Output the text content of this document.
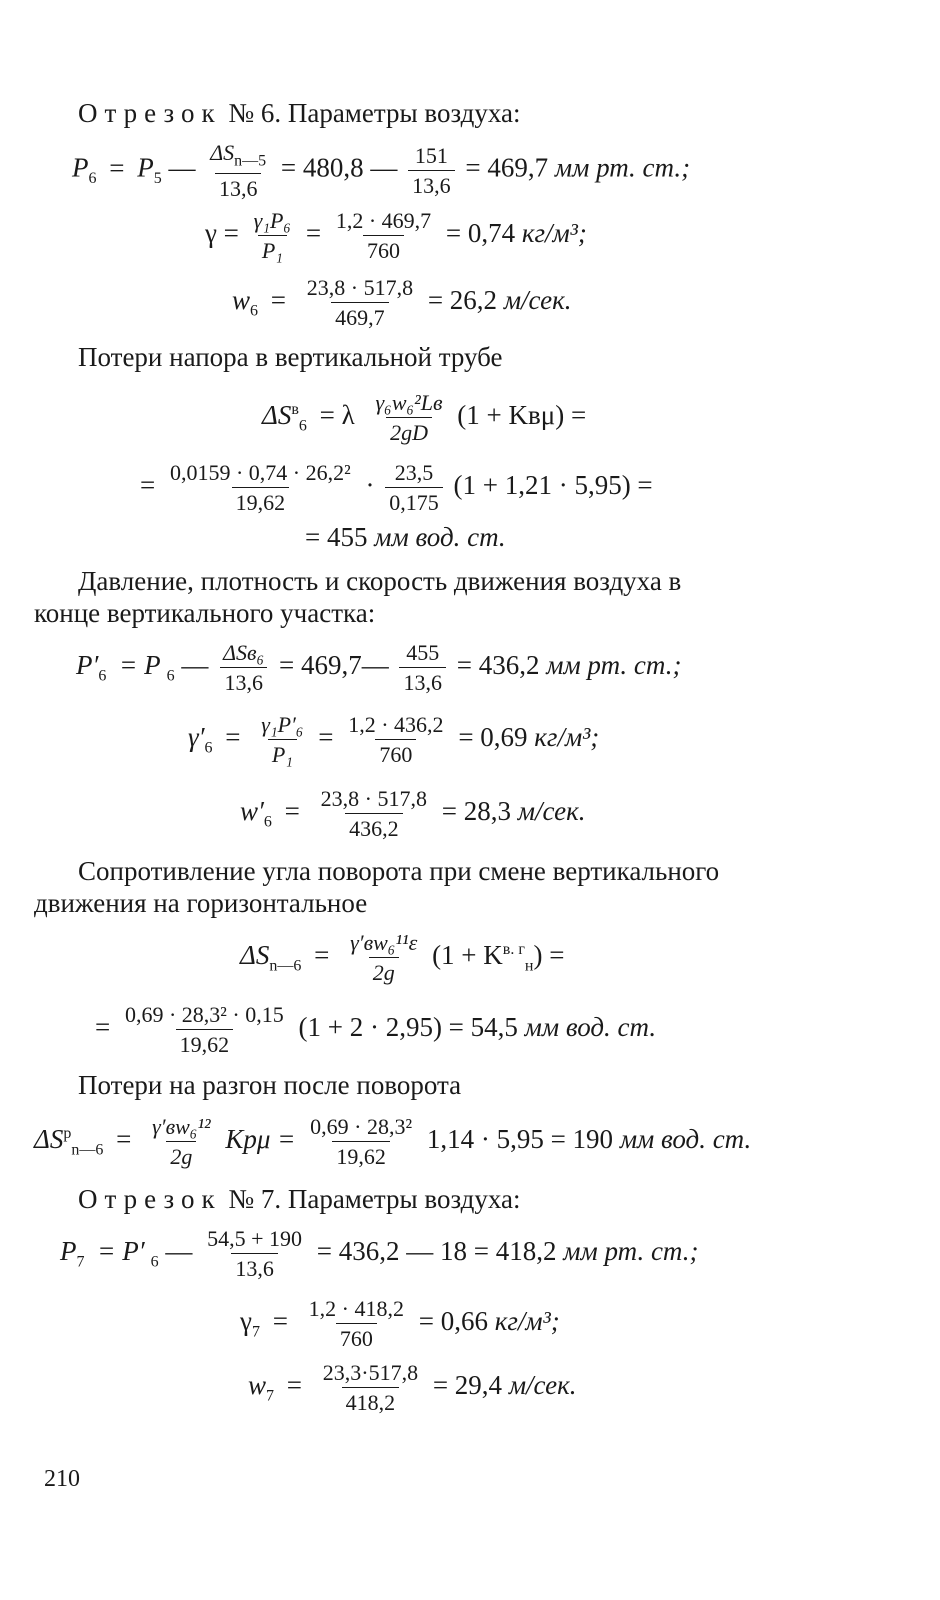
Отрезок № 6. Параметры воздуха:
$P_6 = P_5$ — $\frac{\Delta S_{n—5}}{13,6} = 480,8$ — $\frac{151}{13,6} = 469,7$ мм рт. ст.;
$\gamma = \frac{\text{γ₁P₆}}{\text{P₁}} = \frac{1,2 \cdot 469,7}{760} = 0,74$ кг/м³;
$w_6 = \frac{23,8 \cdot 517,8}{469,7} = 26,2$ м/сек.
Потери напора в вертикальной трубе
$\Delta S^в_6 = \lambda \frac{\text{γ₆w₆²Lв}}{2gD} (1 + Kв\mu)$ =
= $\frac{\text{0,0159 · 0,74 · 26,2²}}{19,62} \cdot \frac{23,5}{0,175} (1 + 1,21 \cdot 5,95)$ =
= 455 мм вод. ст.
Давление, плотность и скорость движения воздуха в
конце вертикального участка:
$P'_6 = P$ $_6$ — $\frac{\text{ΔSв₆}}{13,6}$ = 469,7— $\frac{455}{13,6} = 436,2$ мм рт. ст.;
$\gamma'_6 = \frac{\text{γ₁P′₆}}{\text{P₁}} = \frac{1,2 \cdot 436,2}{760} = 0,69$ кг/м³;
$w'_6 = \frac{23,8 \cdot 517,8}{436,2} = 28,3$ м/сек.
Сопротивление угла поворота при смене вертикального
движения на горизонтальное
$\Delta S_{n—6} = \frac{\text{γ′вw₆¹¹ε}}{2g} (1 + K^{в. г}_н)$ =
= $\frac{\text{0,69 · 28,3² · 0,15}}{19,62} (1 + 2 \cdot 2,95) = 54,5$ мм вод. ст.
Потери на разгон после поворота
$\Delta S^р_{n—6} = \frac{\text{γ′вw₆¹²}}{2g}$ $Kр\mu = \frac{\text{0,69 · 28,3²}}{19,62} 1,14 \cdot 5,95 = 190$ мм вод. ст.
Отрезок № 7. Параметры воздуха:
$P_7 = P'$ $_6$ — $\frac{54,5 + 190}{13,6} = 436,2$ — 18 = 418,2 мм рт. ст.;
$\gamma_7 = \frac{1,2 \cdot 418,2}{760} = 0,66$ кг/м³;
$w_7 = \frac{23,3\cdot 517,8}{418,2} = 29,4$ м/сек.
210
